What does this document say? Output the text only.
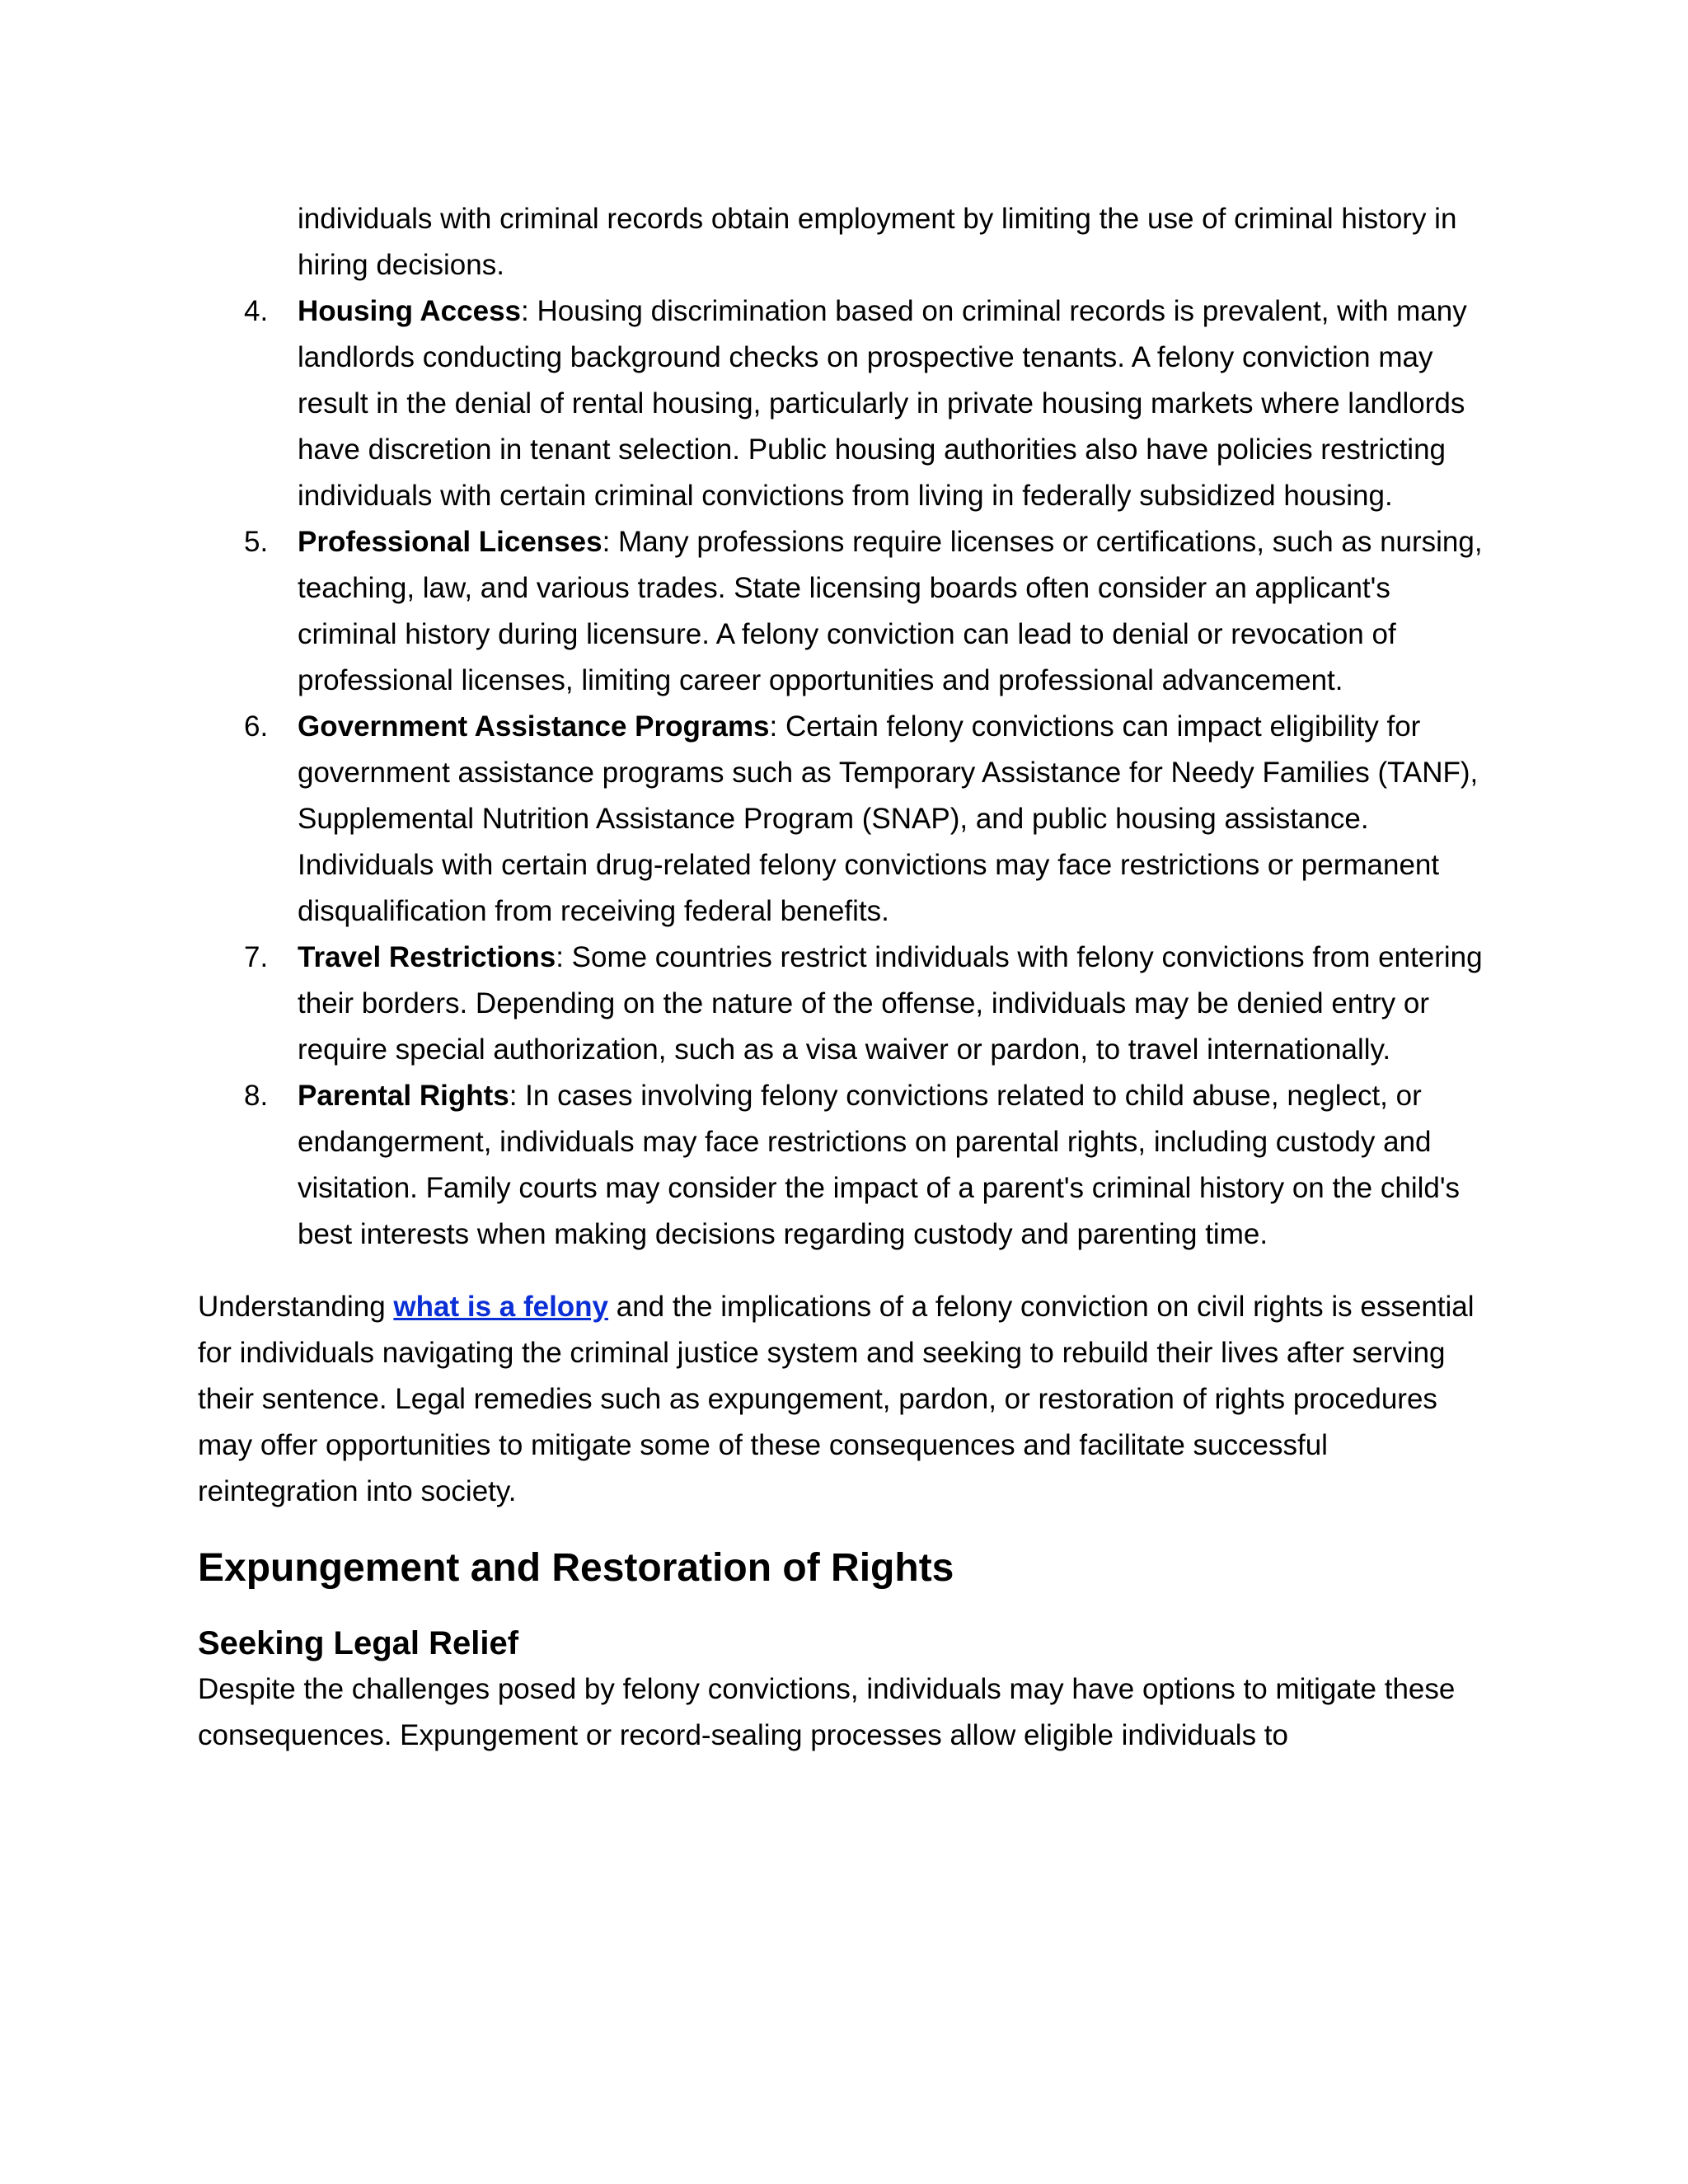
individuals with criminal records obtain employment by limiting the use of criminal history in hiring decisions.

4.	Housing Access: Housing discrimination based on criminal records is prevalent, with many landlords conducting background checks on prospective tenants. A felony conviction may result in the denial of rental housing, particularly in private housing markets where landlords have discretion in tenant selection. Public housing authorities also have policies restricting individuals with certain criminal convictions from living in federally subsidized housing.
5.	Professional Licenses: Many professions require licenses or certifications, such as nursing, teaching, law, and various trades. State licensing boards often consider an applicant's criminal history during licensure. A felony conviction can lead to denial or revocation of professional licenses, limiting career opportunities and professional advancement.
6.	Government Assistance Programs: Certain felony convictions can impact eligibility for government assistance programs such as Temporary Assistance for Needy Families (TANF), Supplemental Nutrition Assistance Program (SNAP), and public housing assistance. Individuals with certain drug-related felony convictions may face restrictions or permanent disqualification from receiving federal benefits.
7.	Travel Restrictions: Some countries restrict individuals with felony convictions from entering their borders. Depending on the nature of the offense, individuals may be denied entry or require special authorization, such as a visa waiver or pardon, to travel internationally.
8.	Parental Rights: In cases involving felony convictions related to child abuse, neglect, or endangerment, individuals may face restrictions on parental rights, including custody and visitation. Family courts may consider the impact of a parent's criminal history on the child's best interests when making decisions regarding custody and parenting time.

Understanding what is a felony and the implications of a felony conviction on civil rights is essential for individuals navigating the criminal justice system and seeking to rebuild their lives after serving their sentence. Legal remedies such as expungement, pardon, or restoration of rights procedures may offer opportunities to mitigate some of these consequences and facilitate successful reintegration into society.

Expungement and Restoration of Rights
Seeking Legal Relief

Despite the challenges posed by felony convictions, individuals may have options to mitigate these consequences. Expungement or record-sealing processes allow eligible individuals to
